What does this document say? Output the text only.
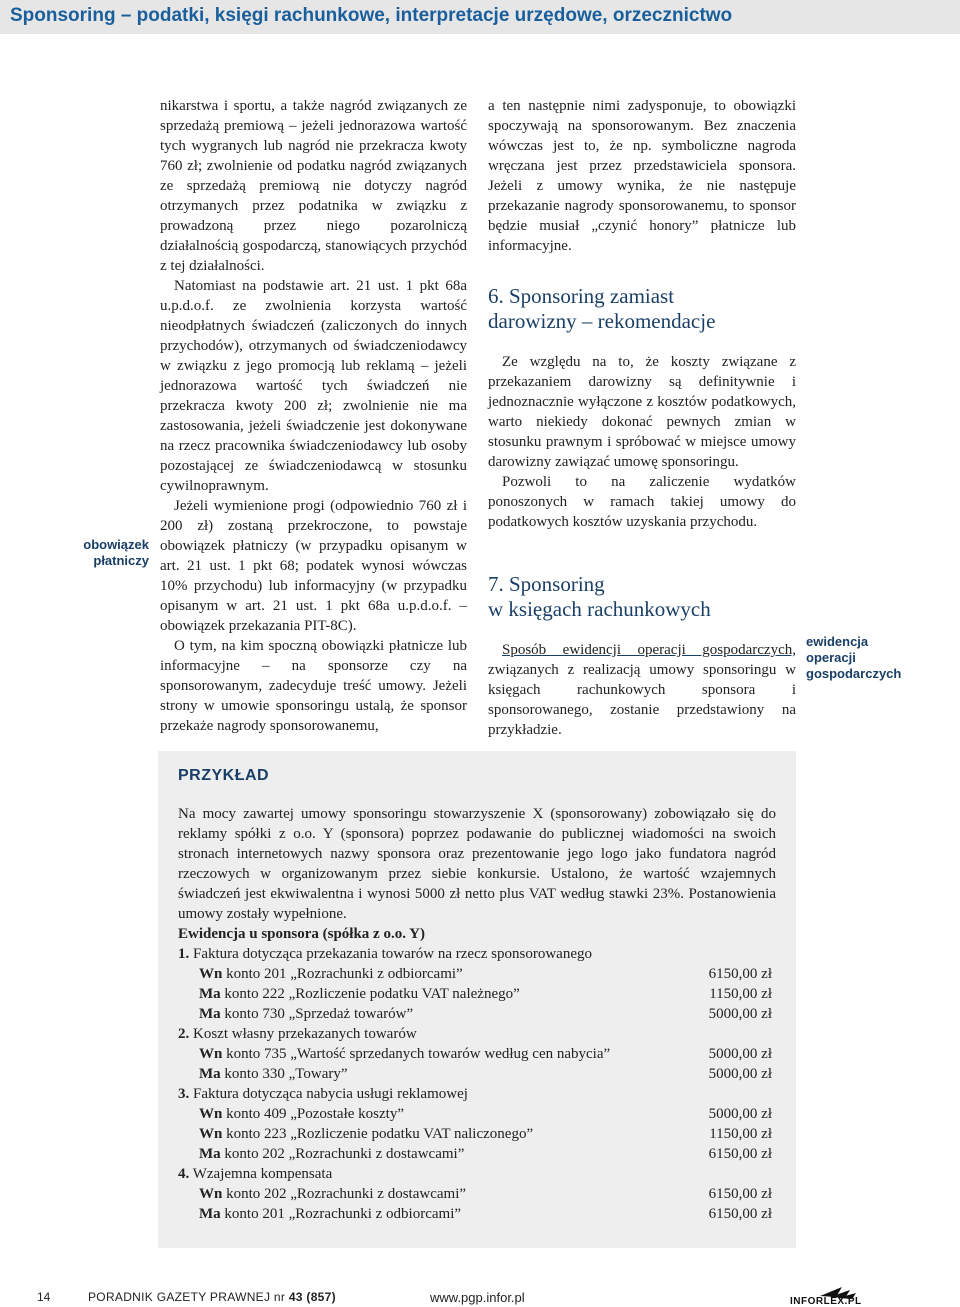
Sponsoring – podatki, księgi rachunkowe, interpretacje urzędowe, orzecznictwo

nikarstwa i sportu, a także nagród związanych ze sprzedażą premiową – jeżeli jednorazowa wartość tych wygranych lub nagród nie przekracza kwoty 760 zł; zwolnienie od podatku nagród związanych ze sprzedażą premiową nie dotyczy nagród otrzymanych przez podatnika w związku z prowadzoną przez niego pozarolniczą działalnością gospodarczą, stanowiących przychód z tej działalności.

Natomiast na podstawie art. 21 ust. 1 pkt 68a u.p.d.o.f. ze zwolnienia korzysta wartość nieodpłatnych świadczeń (zaliczonych do innych przychodów), otrzymanych od świadczeniodawcy w związku z jego promocją lub reklamą – jeżeli jednorazowa wartość tych świadczeń nie przekracza kwoty 200 zł; zwolnienie nie ma zastosowania, jeżeli świadczenie jest dokonywane na rzecz pracownika świadczeniodawcy lub osoby pozostającej ze świadczeniodawcą w stosunku cywilnoprawnym.

Jeżeli wymienione progi (odpowiednio 760 zł i 200 zł) zostaną przekroczone, to powstaje obowiązek płatniczy (w przypadku opisanym w art. 21 ust. 1 pkt 68; podatek wynosi wówczas 10% przychodu) lub informacyjny (w przypadku opisanym w art. 21 ust. 1 pkt 68a u.p.d.o.f. – obowiązek przekazania PIT-8C).

O tym, na kim spoczną obowiązki płatnicze lub informacyjne – na sponsorze czy na sponsorowanym, zadecyduje treść umowy. Jeżeli strony w umowie sponsoringu ustalą, że sponsor przekaże nagrody sponsorowanemu,

obowiązek
płatniczy

a ten następnie nimi zadysponuje, to obowiązki spoczywają na sponsorowanym. Bez znaczenia wówczas jest to, że np. symboliczne nagroda wręczana jest przez przedstawiciela sponsora. Jeżeli z umowy wynika, że nie następuje przekazanie nagrody sponsorowanemu, to sponsor będzie musiał „czynić honory” płatnicze lub informacyjne.

6. Sponsoring zamiast
darowizny – rekomendacje

Ze względu na to, że koszty związane z przekazaniem darowizny są definitywnie i jednoznacznie wyłączone z kosztów podatkowych, warto niekiedy dokonać pewnych zmian w stosunku prawnym i spróbować w miejsce umowy darowizny zawiązać umowę sponsoringu.

Pozwoli to na zaliczenie wydatków ponoszonych w ramach takiej umowy do podatkowych kosztów uzyskania przychodu.

7. Sponsoring
w księgach rachunkowych

Sposób ewidencji operacji gospodarczych, związanych z realizacją umowy sponsoringu w księgach rachunkowych sponsora i sponsorowanego, zostanie przedstawiony na przykładzie.

ewidencja
operacji
gospodarczych
PRZYKŁAD
Na mocy zawartej umowy sponsoringu stowarzyszenie X (sponsorowany) zobowiązało się do reklamy spółki z o.o. Y (sponsora) poprzez podawanie do publicznej wiadomości na swoich stronach internetowych nazwy sponsora oraz prezentowanie jego logo jako fundatora nagród rzeczowych w organizowanym przez siebie konkursie. Ustalono, że wartość wzajemnych świadczeń jest ekwiwalentna i wynosi 5000 zł netto plus VAT według stawki 23%. Postanowienia umowy zostały wypełnione.
Ewidencja u sponsora (spółka z o.o. Y)
1. Faktura dotycząca przekazania towarów na rzecz sponsorowanego
Wn konto 201 „Rozrachunki z odbiorcami”	6150,00 zł
Ma konto 222 „Rozliczenie podatku VAT należnego”	1150,00 zł
Ma konto 730 „Sprzedaż towarów”	5000,00 zł
2. Koszt własny przekazanych towarów
Wn konto 735 „Wartość sprzedanych towarów według cen nabycia”	5000,00 zł
Ma konto 330 „Towary”	5000,00 zł
3. Faktura dotycząca nabycia usługi reklamowej
Wn konto 409 „Pozostałe koszty”	5000,00 zł
Wn konto 223 „Rozliczenie podatku VAT naliczonego”	1150,00 zł
Ma konto 202 „Rozrachunki z dostawcami”	6150,00 zł
4. Wzajemna kompensata
Wn konto 202 „Rozrachunki z dostawcami”	6150,00 zł
Ma konto 201 „Rozrachunki z odbiorcami”	6150,00 zł
14	PORADNIK GAZETY PRAWNEJ nr 43 (857)	www.pgp.infor.pl	INFORLEX.PL
